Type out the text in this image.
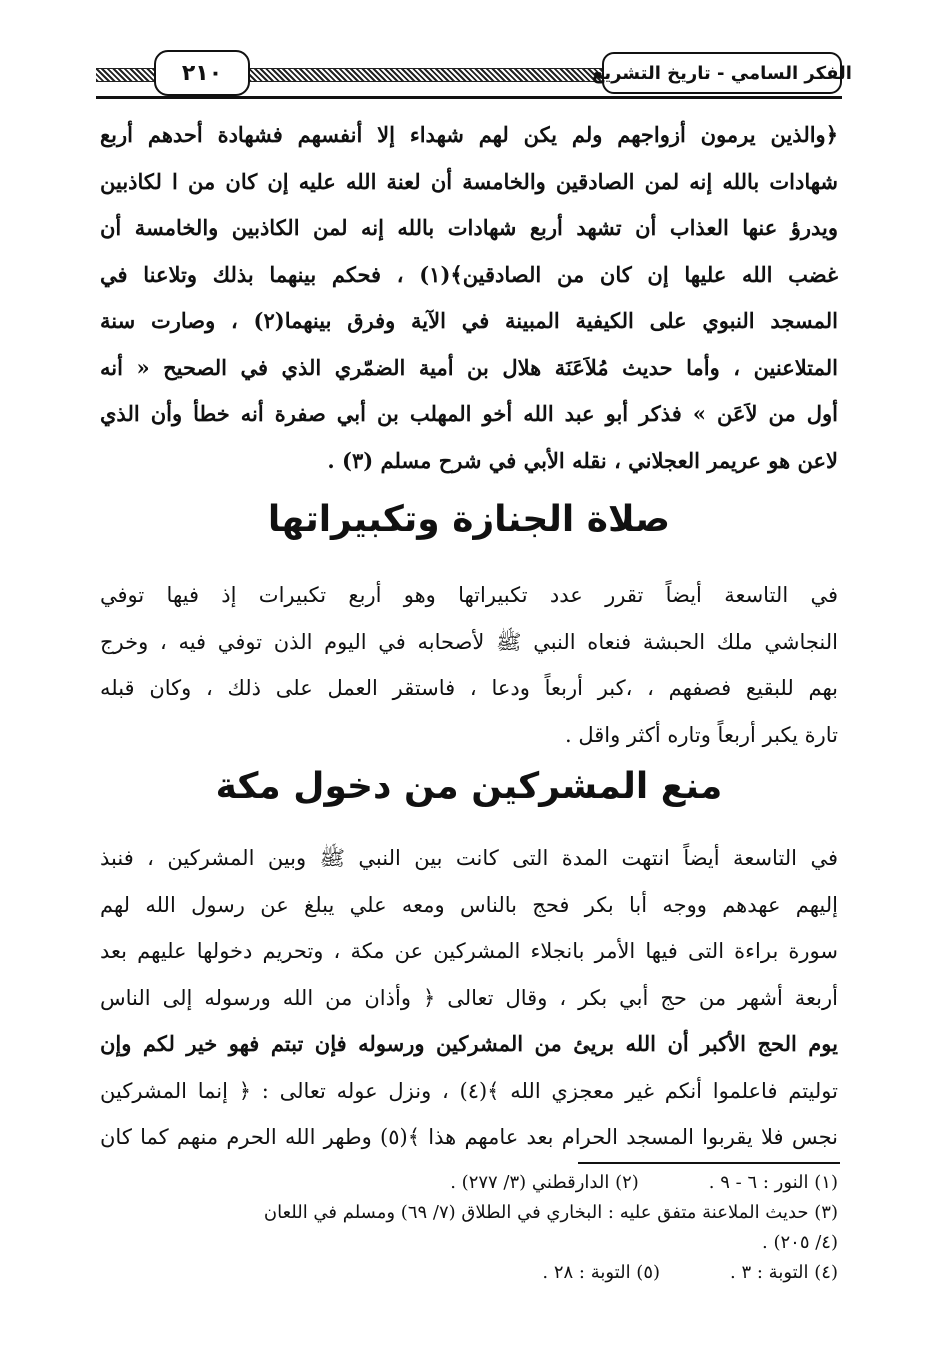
الفكر السامي - تاريخ التشريع
٢١٠
﴿والذين يرمون أزواجهم ولم يكن لهم شهداء إلا أنفسهم فشهادة أحدهم أربع
شهادات بالله إنه لمن الصادقين والخامسة أن لعنة الله عليه إن كان من ا لكاذبين
ويدرؤ عنها العذاب أن تشهد أربع شهادات بالله إنه لمن الكاذبين والخامسة أن
غضب الله عليها إن كان من الصادقين﴾(١) ، فحكم بينهما بذلك وتلاعنا في
المسجد النبوي على الكيفية المبينة في الآية وفرق بينهما(٢) ، وصارت سنة
المتلاعنين ، وأما حديث مُلاَعَنَة هلال بن أمية الضمّري الذي في الصحيح « أنه
أول من لاَعَن » فذكر أبو عبد الله أخو المهلب بن أبي صفرة أنه خطأ وأن الذي
لاعن هو عريمر العجلاني ، نقله الأبي في شرح مسلم (٣) .
صلاة الجنازة وتكبيراتها
في التاسعة أيضاً تقرر عدد تكبيراتها وهو أربع تكبيرات إذ فيها توفي
النجاشي ملك الحبشة فنعاه النبي ﷺ لأصحابه في اليوم الذن توفي فيه ، وخرج
بهم للبقيع فصفهم ، ،كبر أربعاً ودعا ، فاستقر العمل على ذلك ، وكان قبله
تارة يكبر أربعاً وتاره أكثر واقل .
منع المشركين من دخول مكة
في التاسعة أيضاً انتهت المدة التى كانت بين النبي ﷺ وبين المشركين ، فنبذ
إليهم عهدهم ووجه أبا بكر فحج بالناس ومعه علي يبلغ عن رسول الله لهم
سورة براءة التى فيها الأمر بانجلاء المشركين عن مكة ، وتحريم دخولها عليهم بعد
أربعة أشهر من حج أبي بكر ، وقال تعالى ﴿ وأذان من الله ورسوله إلى الناس
يوم الحج الأكبر أن الله بريئ من المشركين ورسوله فإن تبتم فهو خير لكم وإن
توليتم فاعلموا أنكم غير معجزي الله ﴾(٤) ، ونزل عوله تعالى : ﴿ إنما المشركين
نجس فلا يقربوا المسجد الحرام بعد عامهم هذا ﴾(٥) وطهر الله الحرم منهم كما كان
(١) النور : ٦ - ٩ .
(٢) الدارقطني (٣/ ٢٧٧) .
(٣) حديث الملاعنة متفق عليه : البخاري في الطلاق (٧/ ٦٩) ومسلم في اللعان
(٤/ ٢٠٥) .
(٤) التوبة : ٣ .
(٥) التوبة : ٢٨ .
